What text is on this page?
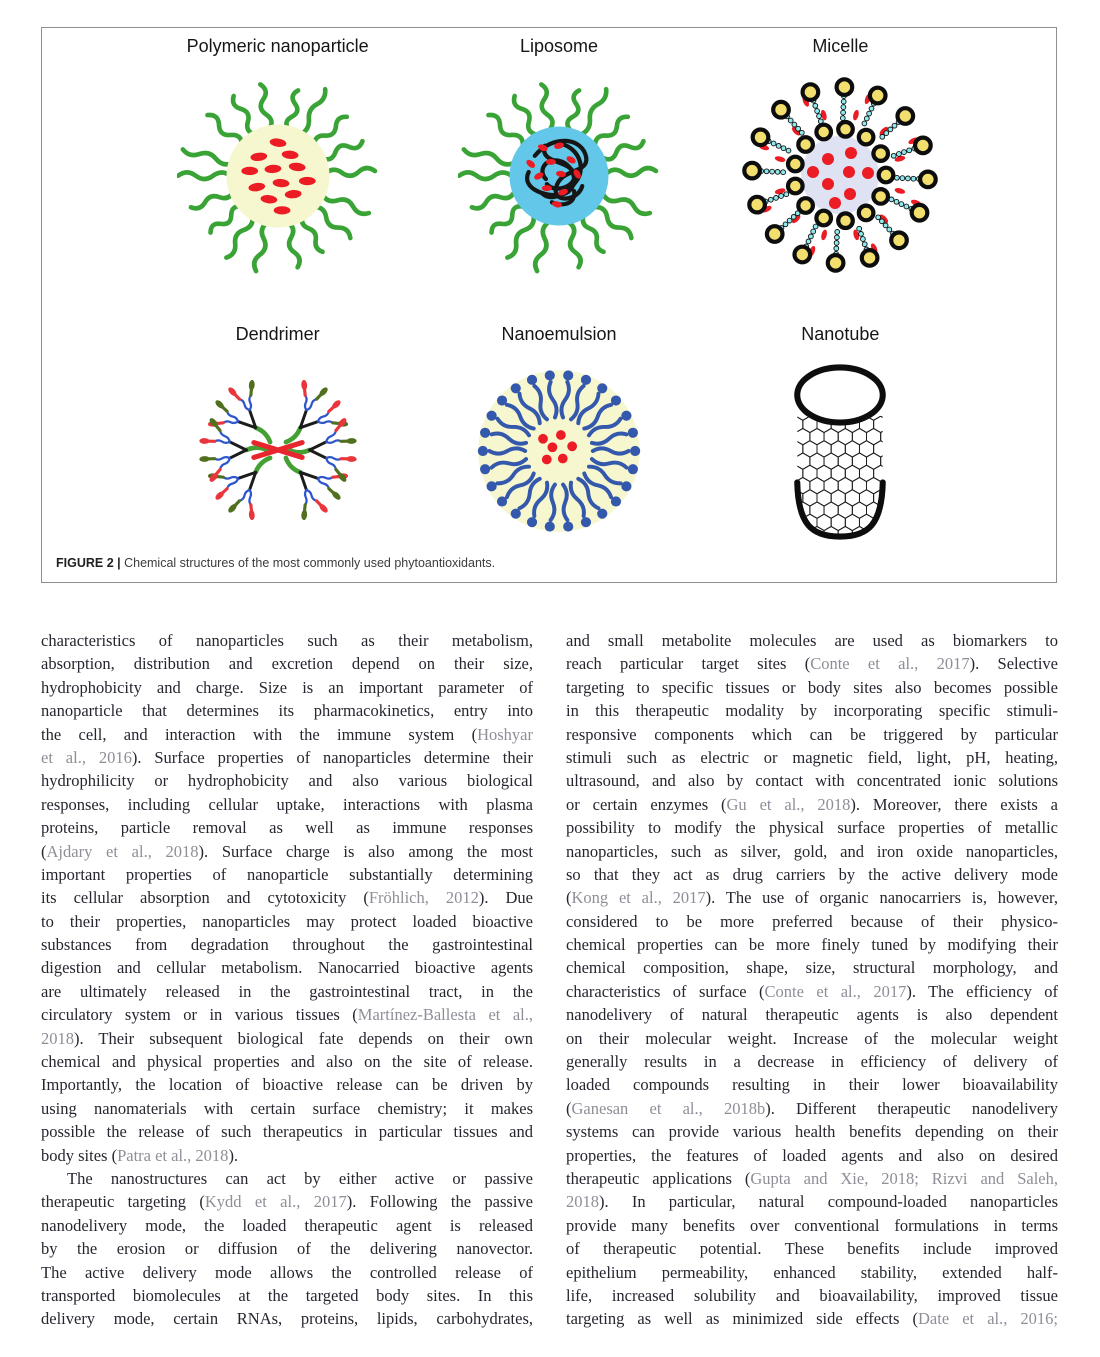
Polymeric nanoparticle	Liposome	Micelle
Dendrimer	Nanoemulsion	Nanotube
FIGURE 2 | Chemical structures of the most commonly used phytoantioxidants.
characteristics of nanoparticles such as their metabolism,
absorption, distribution and excretion depend on their size,
hydrophobicity and charge. Size is an important parameter of
nanoparticle that determines its pharmacokinetics, entry into
the cell, and interaction with the immune system (Hoshyar
et al., 2016). Surface properties of nanoparticles determine their
hydrophilicity or hydrophobicity and also various biological
responses, including cellular uptake, interactions with plasma
proteins, particle removal as well as immune responses
(Ajdary et al., 2018). Surface charge is also among the most
important properties of nanoparticle substantially determining
its cellular absorption and cytotoxicity (Fröhlich, 2012). Due
to their properties, nanoparticles may protect loaded bioactive
substances from degradation throughout the gastrointestinal
digestion and cellular metabolism. Nanocarried bioactive agents
are ultimately released in the gastrointestinal tract, in the
circulatory system or in various tissues (Martínez-Ballesta et al.,
2018). Their subsequent biological fate depends on their own
chemical and physical properties and also on the site of release.
Importantly, the location of bioactive release can be driven by
using nanomaterials with certain surface chemistry; it makes
possible the release of such therapeutics in particular tissues and
body sites (Patra et al., 2018).
The nanostructures can act by either active or passive
therapeutic targeting (Kydd et al., 2017). Following the passive
nanodelivery mode, the loaded therapeutic agent is released
by the erosion or diffusion of the delivering nanovector.
The active delivery mode allows the controlled release of
transported biomolecules at the targeted body sites. In this
delivery mode, certain RNAs, proteins, lipids, carbohydrates,
and small metabolite molecules are used as biomarkers to
reach particular target sites (Conte et al., 2017). Selective
targeting to specific tissues or body sites also becomes possible
in this therapeutic modality by incorporating specific stimuli-
responsive components which can be triggered by particular
stimuli such as electric or magnetic field, light, pH, heating,
ultrasound, and also by contact with concentrated ionic solutions
or certain enzymes (Gu et al., 2018). Moreover, there exists a
possibility to modify the physical surface properties of metallic
nanoparticles, such as silver, gold, and iron oxide nanoparticles,
so that they act as drug carriers by the active delivery mode
(Kong et al., 2017). The use of organic nanocarriers is, however,
considered to be more preferred because of their physico-
chemical properties can be more finely tuned by modifying their
chemical composition, shape, size, structural morphology, and
characteristics of surface (Conte et al., 2017). The efficiency of
nanodelivery of natural therapeutic agents is also dependent
on their molecular weight. Increase of the molecular weight
generally results in a decrease in efficiency of delivery of
loaded compounds resulting in their lower bioavailability
(Ganesan et al., 2018b). Different therapeutic nanodelivery
systems can provide various health benefits depending on their
properties, the features of loaded agents and also on desired
therapeutic applications (Gupta and Xie, 2018; Rizvi and Saleh,
2018). In particular, natural compound-loaded nanoparticles
provide many benefits over conventional formulations in terms
of therapeutic potential. These benefits include improved
epithelium permeability, enhanced stability, extended half-
life, increased solubility and bioavailability, improved tissue
targeting as well as minimized side effects (Date et al., 2016;
